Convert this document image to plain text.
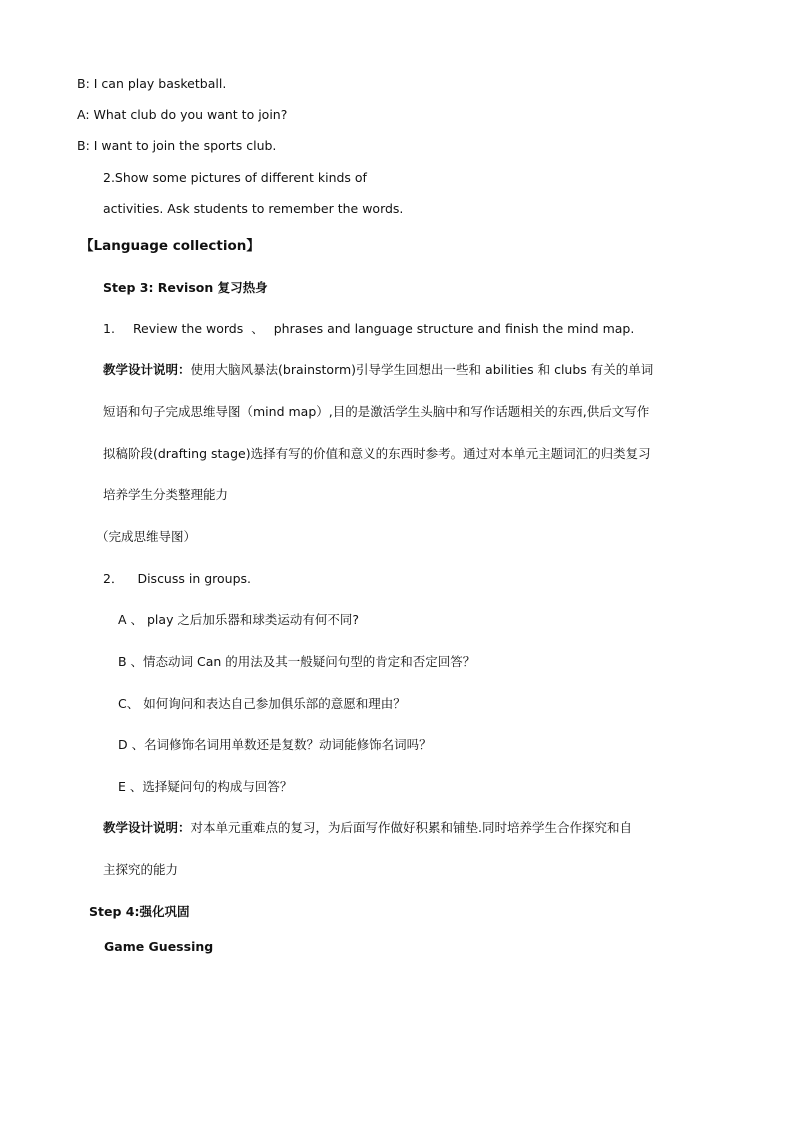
B: I can play basketball.
A: What club do you want to join?
B: I want to join the sports club.
2.Show some pictures of different kinds of
activities. Ask students to remember the words.
【Language collection】
Step 3: Revison 复习热身
1. Review the words 、 phrases and language structure and finish the mind map.
教学设计说明：使用大脑风暴法(brainstorm)引导学生回想出一些和 abilities 和 clubs 有关的单词
短语和句子完成思维导图（mind map）,目的是激活学生头脑中和写作话题相关的东西,供后文写作
拟稿阶段(drafting stage)选择有写的价值和意义的东西时参考。通过对本单元主题词汇的归类复习
培养学生分类整理能力
（完成思维导图）
2． Discuss in groups.
A 、 play 之后加乐器和球类运动有何不同?
B 、情态动词 Can 的用法及其一般疑问句型的肯定和否定回答？
C、 如何询问和表达自己参加俱乐部的意愿和理由？
D 、名词修饰名词用单数还是复数？动词能修饰名词吗？
E 、选择疑问句的构成与回答？
教学设计说明：对本单元重难点的复习，为后面写作做好积累和铺垫.同时培养学生合作探究和自
主探究的能力
Step 4:强化巩固
Game Guessing
